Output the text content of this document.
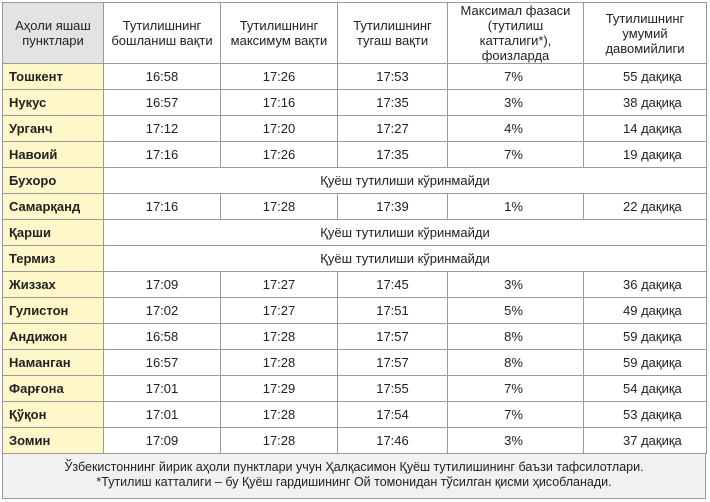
Аҳоли яшаш пунктлари	Тутилишнинг бошланиш вақти	Тутилишнинг максимум вақти	Тутилишнинг тугаш вақти	Максимал фазаси (тутилиш катталиги*), фоизларда	Тутилишнинг умумий давомийлиги
Тошкент	16:58	17:26	17:53	7%	55 дақиқа
Нукус	16:57	17:16	17:35	3%	38 дақиқа
Урганч	17:12	17:20	17:27	4%	14 дақиқа
Навоий	17:16	17:26	17:35	7%	19 дақиқа
Бухоро	Қуёш тутилиши кўринмайди				
Самарқанд	17:16	17:28	17:39	1%	22 дақиқа
Қарши	Қуёш тутилиши кўринмайди				
Термиз	Қуёш тутилиши кўринмайди				
Жиззах	17:09	17:27	17:45	3%	36 дақиқа
Гулистон	17:02	17:27	17:51	5%	49 дақиқа
Андижон	16:58	17:28	17:57	8%	59 дақиқа
Наманган	16:57	17:28	17:57	8%	59 дақиқа
Фарғона	17:01	17:29	17:55	7%	54 дақиқа
Қўқон	17:01	17:28	17:54	7%	53 дақиқа
Зомин	17:09	17:28	17:46	3%	37 дақиқа
Ўзбекистоннинг йирик аҳоли пунктлари учун Ҳалқасимон Қуёш тутилишининг баъзи тафсилотлари.
*Тутилиш катталиги – бу Қуёш гардишининг Ой томонидан тўсилган қисми ҳисобланади.
